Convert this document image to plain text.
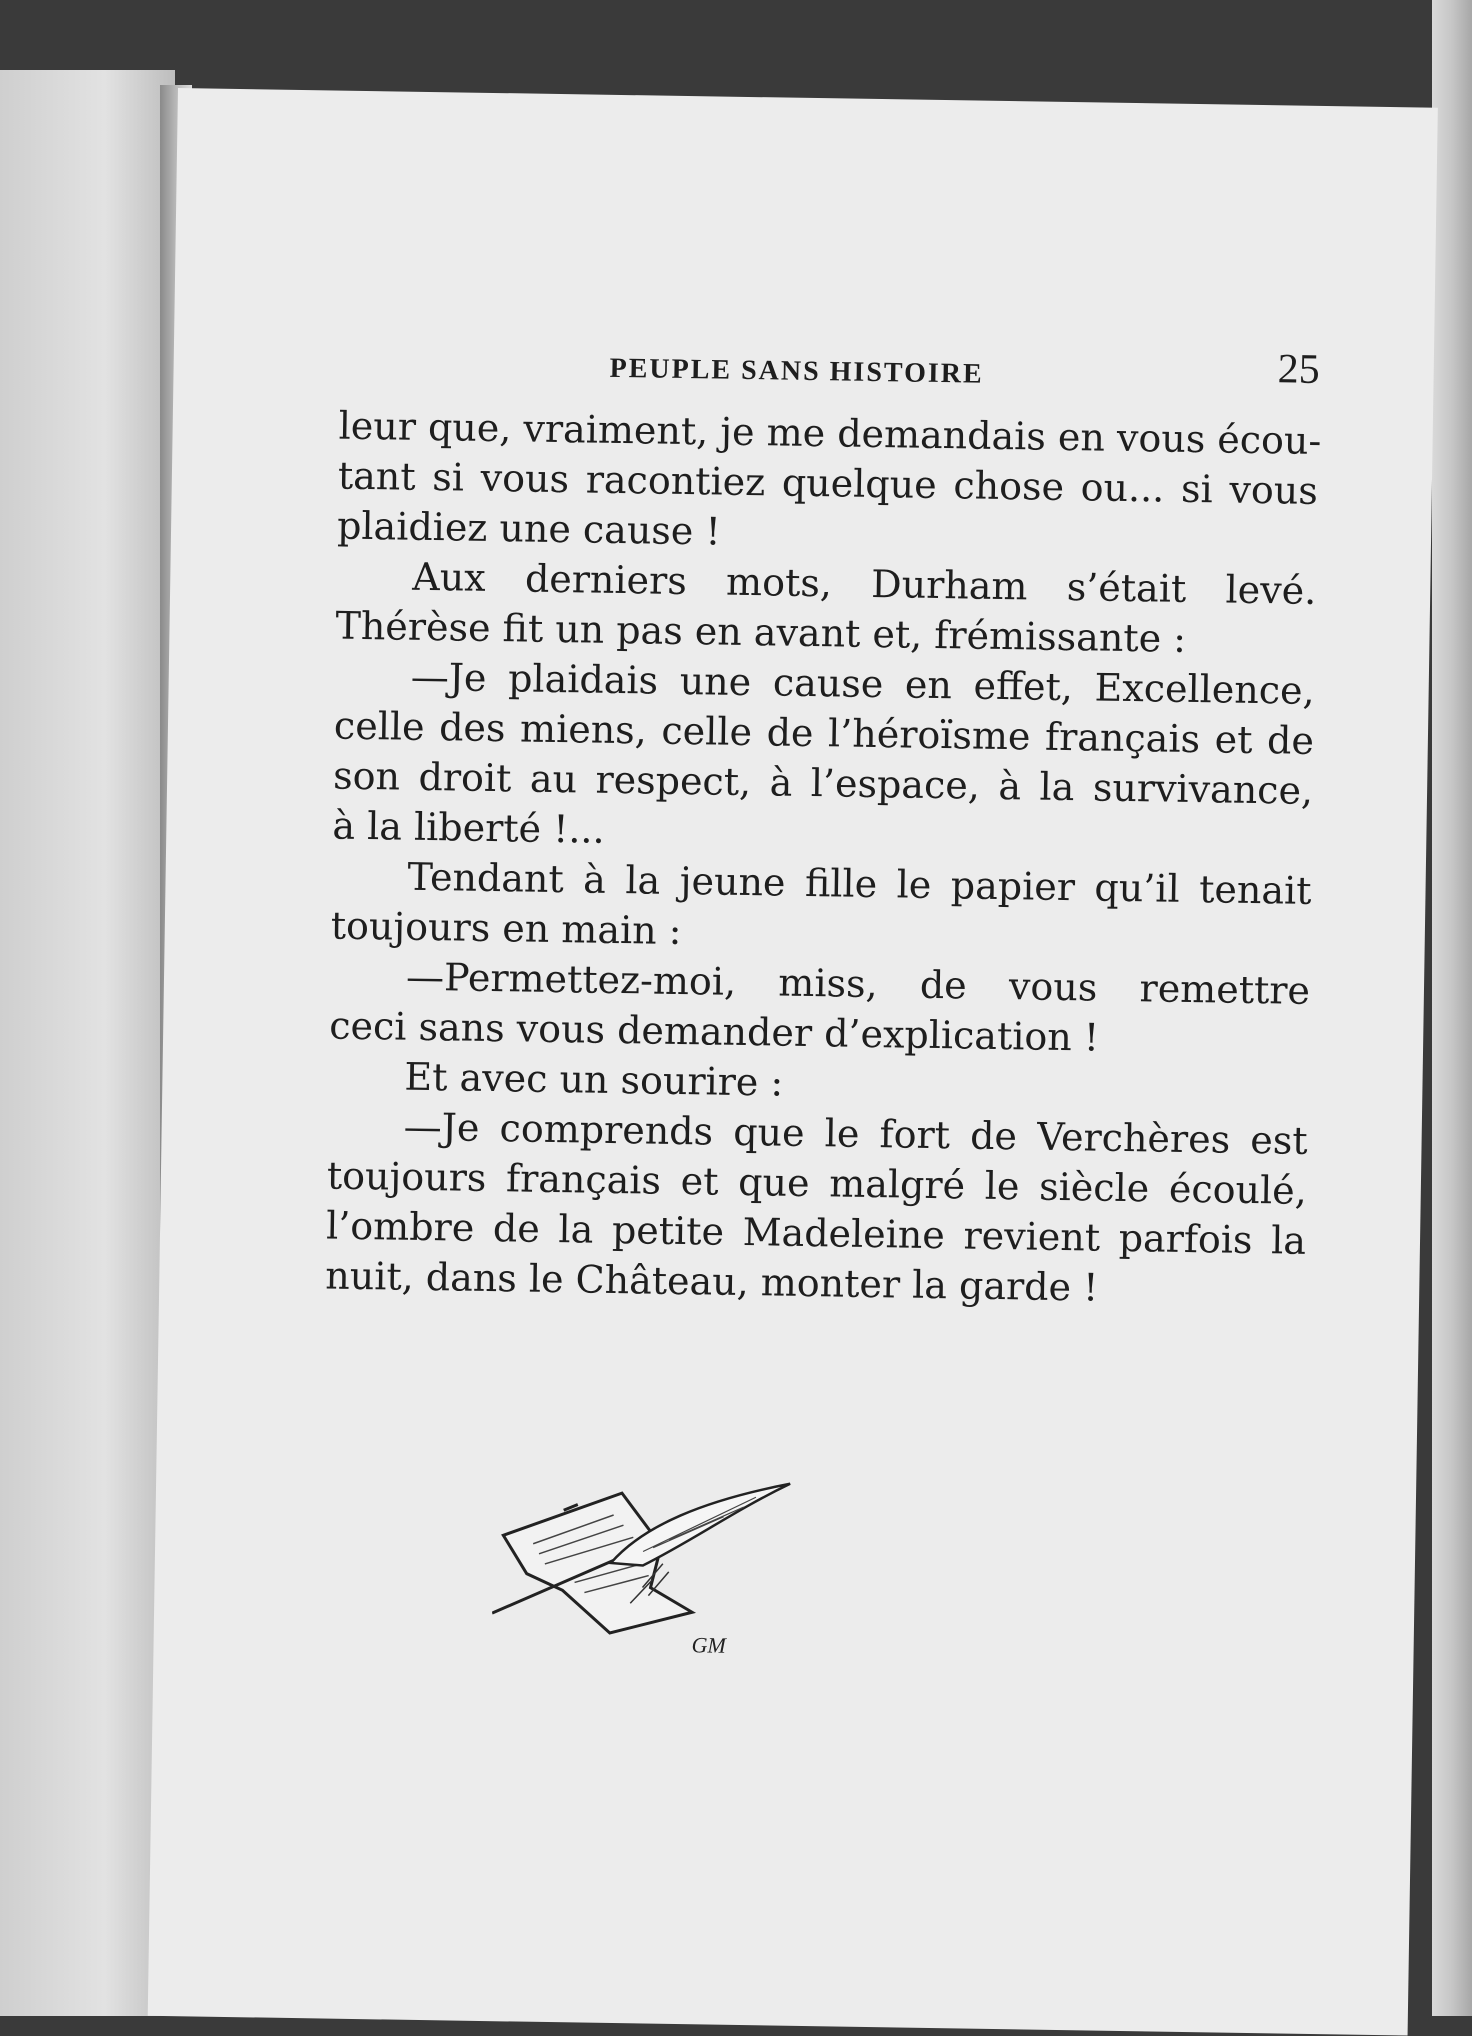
PEUPLE SANS HISTOIRE	25
leur que, vraiment, je me demandais en vous écou-
tant si vous racontiez quelque chose ou... si vous
plaidiez une cause !
Aux derniers mots, Durham s’était levé.
Thérèse fit un pas en avant et, frémissante :
—Je plaidais une cause en effet, Excellence,
celle des miens, celle de l’héroïsme français et de
son droit au respect, à l’espace, à la survivance,
à la liberté !...
Tendant à la jeune fille le papier qu’il tenait
toujours en main :
—Permettez-moi, miss, de vous remettre
ceci sans vous demander d’explication !
Et avec un sourire :
—Je comprends que le fort de Verchères est
toujours français et que malgré le siècle écoulé,
l’ombre de la petite Madeleine revient parfois la
nuit, dans le Château, monter la garde !
GM
